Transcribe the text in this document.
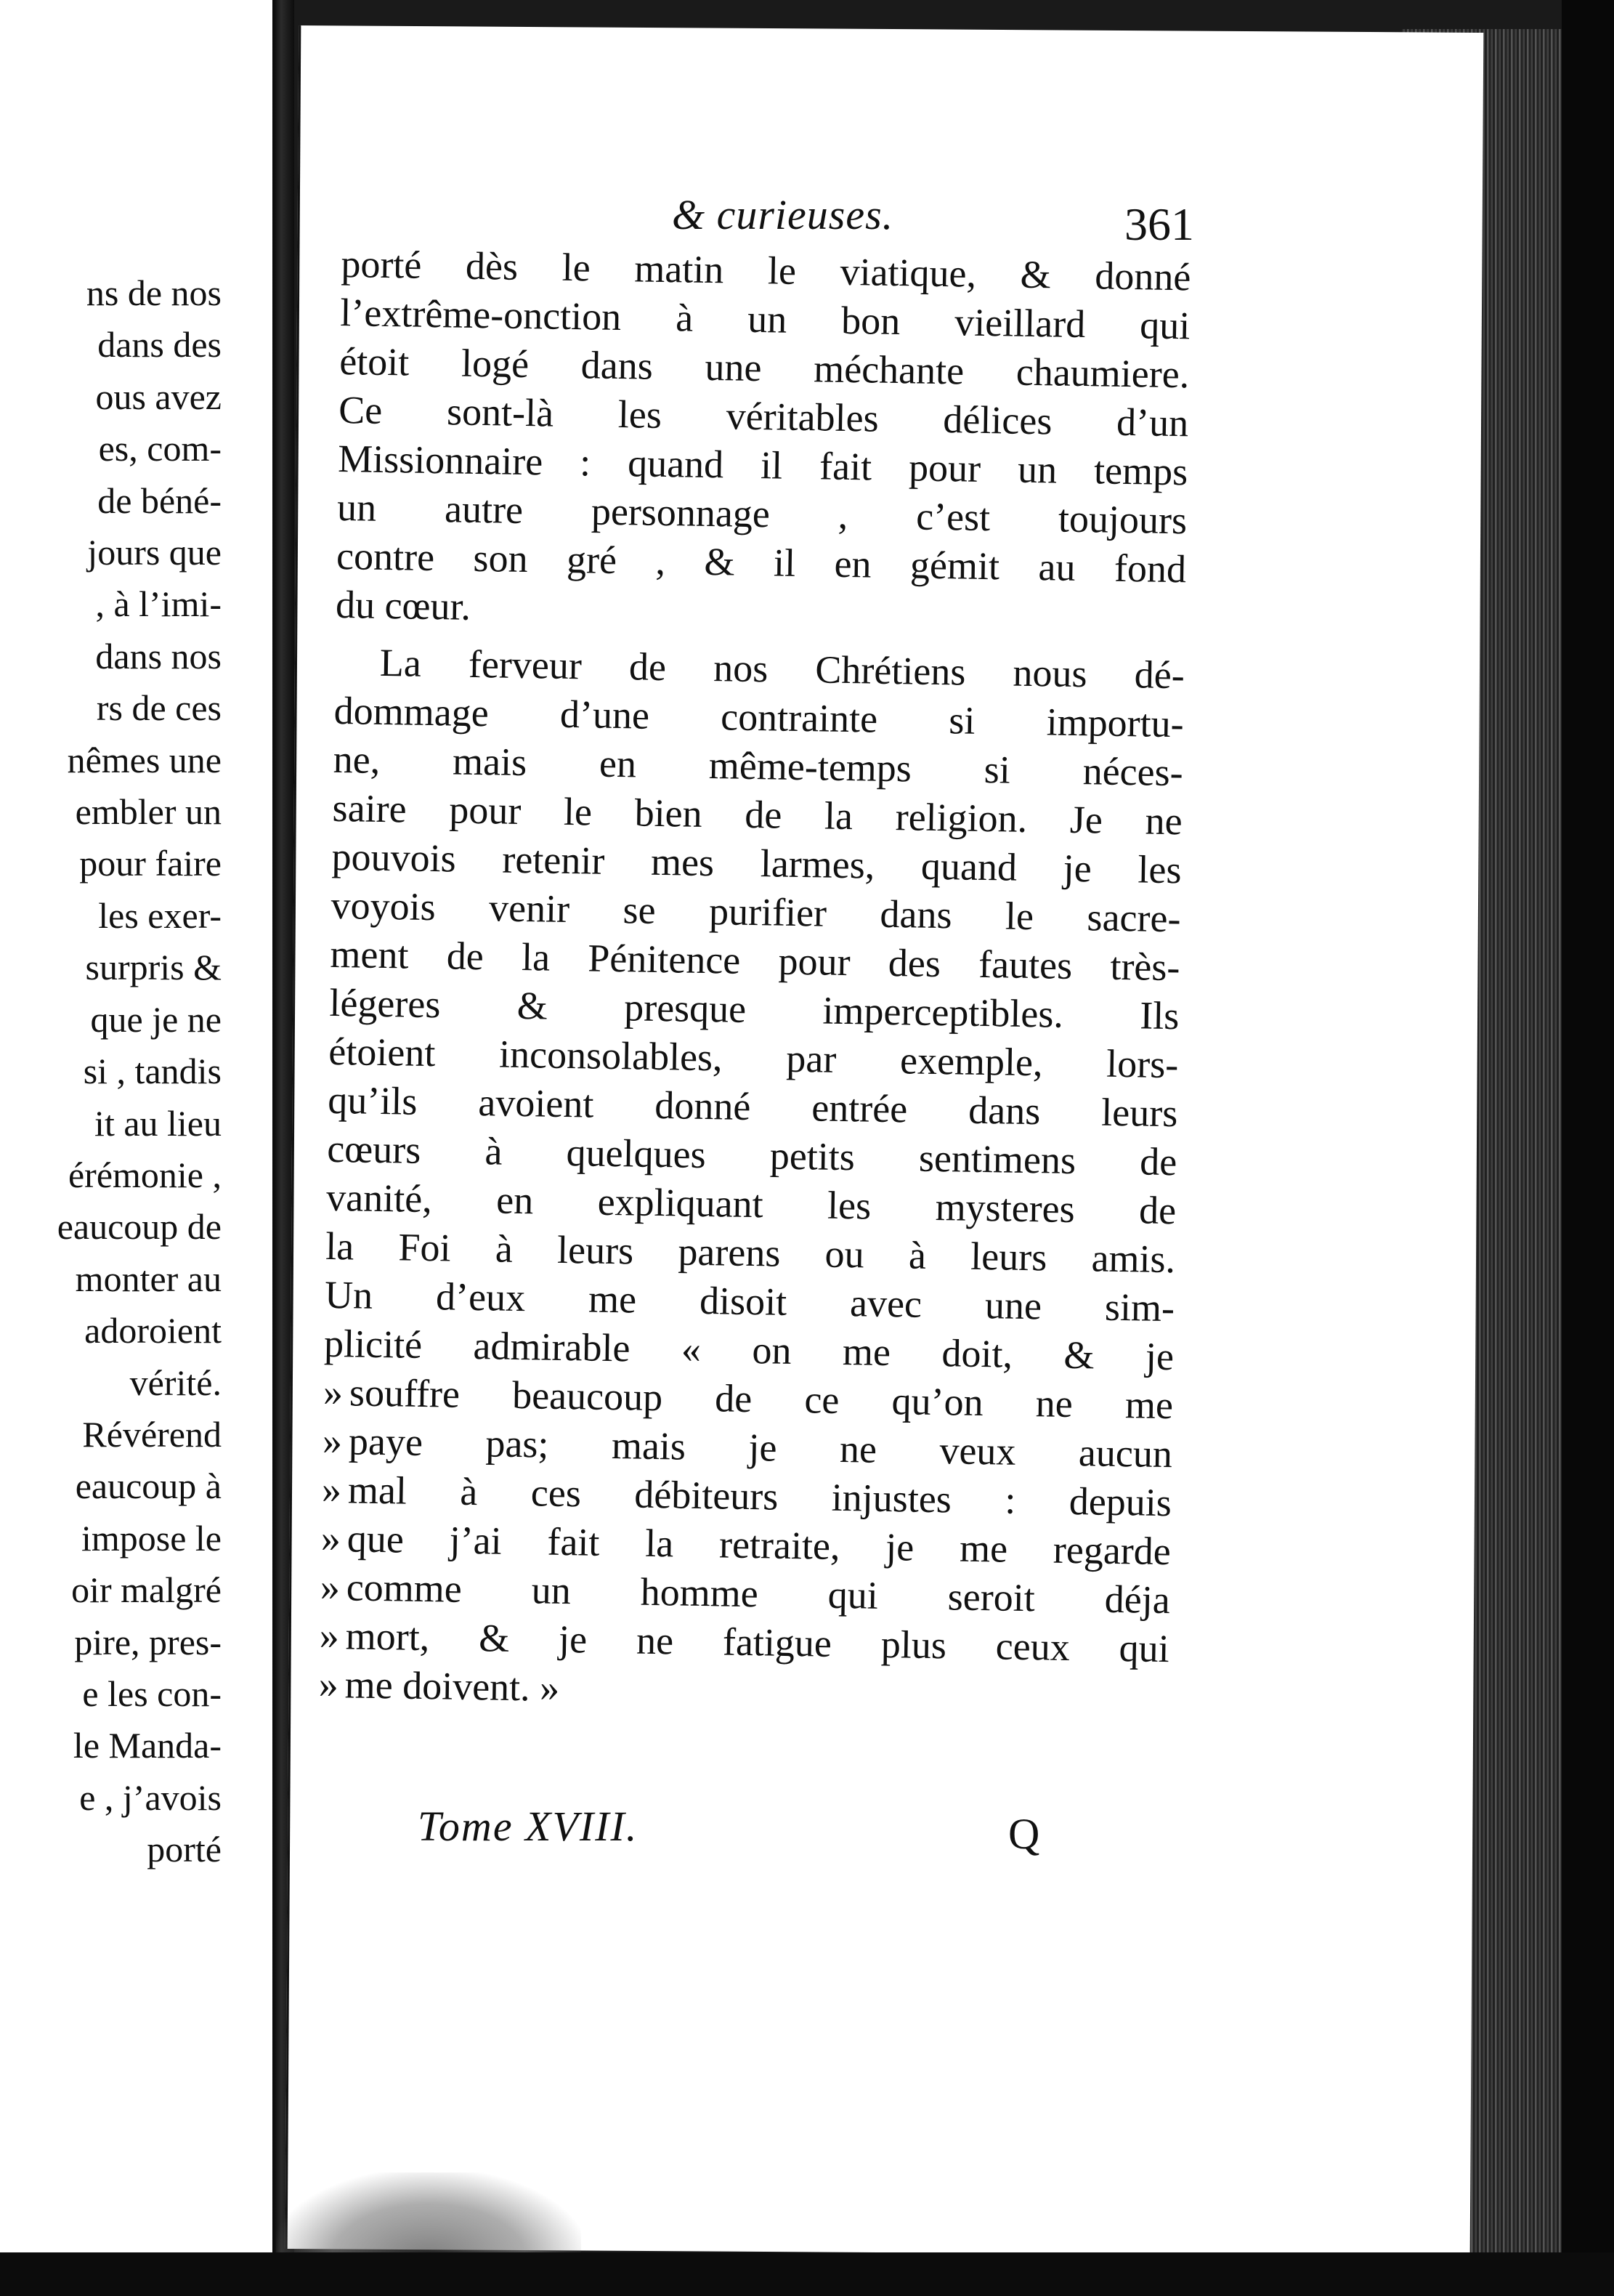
ns de nos
dans des
ous avez
es, com-
de béné-
jours que
, à l’imi-
dans nos
rs de ces
nêmes une
embler un
pour faire
les exer-
surpris &
que je ne
si , tandis
it au lieu
érémonie ,
eaucoup de
monter au
adoroient
vérité.
Révérend
eaucoup à
impose le
oir malgré
pire, pres-
e les con-
le Manda-
e , j’avois
porté
& curieuses.	361
porté dès le matin le viatique, & donné
l’extrême-onction à un bon vieillard qui
étoit logé dans une méchante chaumiere.
Ce sont-là les véritables délices d’un
Missionnaire : quand il fait pour un temps
un autre personnage , c’est toujours
contre son gré , & il en gémit au fond
du cœur.
La ferveur de nos Chrétiens nous dé-
dommage d’une contrainte si importu-
ne, mais en même-temps si néces-
saire pour le bien de la religion. Je ne
pouvois retenir mes larmes, quand je les
voyois venir se purifier dans le sacre-
ment de la Pénitence pour des fautes très-
légeres & presque imperceptibles. Ils
étoient inconsolables, par exemple, lors-
qu’ils avoient donné entrée dans leurs
cœurs à quelques petits sentimens de
vanité, en expliquant les mysteres de
la Foi à leurs parens ou à leurs amis.
Un d’eux me disoit avec une sim-
plicité admirable « on me doit, & je
» souffre beaucoup de ce qu’on ne me
» paye pas; mais je ne veux aucun
» mal à ces débiteurs injustes : depuis
» que j’ai fait la retraite, je me regarde
» comme un homme qui seroit déja
» mort, & je ne fatigue plus ceux qui
» me doivent. »
Tome XVIII.	Q
